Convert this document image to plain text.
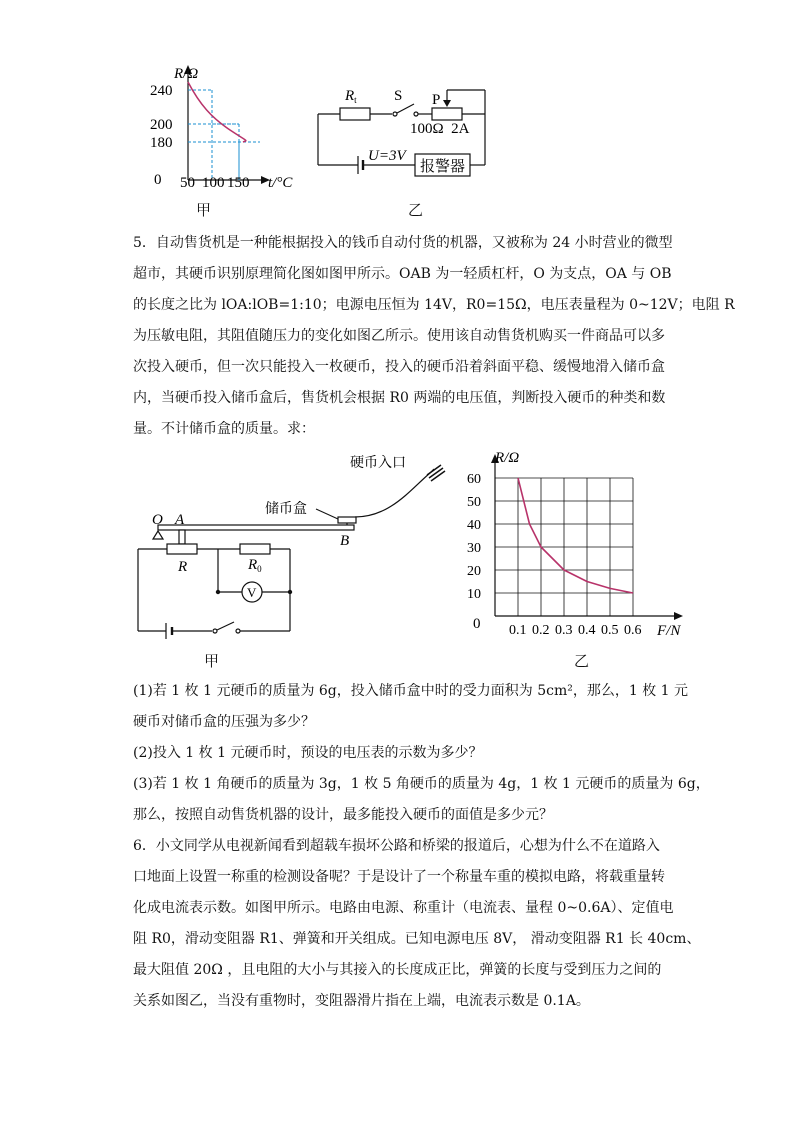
R/Ω
240
200
180
0 50 100 150 t/°C
甲
$R_t$ S P
100Ω  2A
U=3V
报警器
乙

5．自动售货机是一种能根据投入的钱币自动付货的机器，又被称为 24 小时营业的微型

超市，其硬币识别原理简化图如图甲所示。OAB 为一轻质杠杆，O 为支点，OA 与 OB

的长度之比为 lOA:lOB=1:10；电源电压恒为 14V，R0=15Ω，电压表量程为 0~12V；电阻 R

为压敏电阻，其阻值随压力的变化如图乙所示。使用该自动售货机购买一件商品可以多

次投入硬币，但一次只能投入一枚硬币，投入的硬币沿着斜面平稳、缓慢地滑入储币盒

内，当硬币投入储币盒后，售货机会根据 R0 两端的电压值，判断投入硬币的种类和数

量。不计储币盒的质量。求：

硬币入口
储币盒
O A
B
R	$R_0$
V
甲
60
50
40
30
20
10
0.1 0.2 0.3 0.4 0.5 0.6
R/Ω
F/N
0
乙

(1)若 1 枚 1 元硬币的质量为 6g，投入储币盒中时的受力面积为 5cm²，那么，1 枚 1 元

硬币对储币盒的压强为多少？

(2)投入 1 枚 1 元硬币时，预设的电压表的示数为多少？

(3)若 1 枚 1 角硬币的质量为 3g，1 枚 5 角硬币的质量为 4g，1 枚 1 元硬币的质量为 6g，

那么，按照自动售货机器的设计，最多能投入硬币的面值是多少元？

6．小文同学从电视新闻看到超载车损坏公路和桥梁的报道后，心想为什么不在道路入

口地面上设置一称重的检测设备呢？于是设计了一个称量车重的模拟电路，将载重量转

化成电流表示数。如图甲所示。电路由电源、称重计（电流表、量程 0~0.6A）、定值电

阻 R0，滑动变阻器 R1、弹簧和开关组成。已知电源电压 8V， 滑动变阻器 R1 长 40cm、

最大阻值 20Ω ，且电阻的大小与其接入的长度成正比，弹簧的长度与受到压力之间的

关系如图乙，当没有重物时，变阻器滑片指在上端，电流表示数是 0.1A。
